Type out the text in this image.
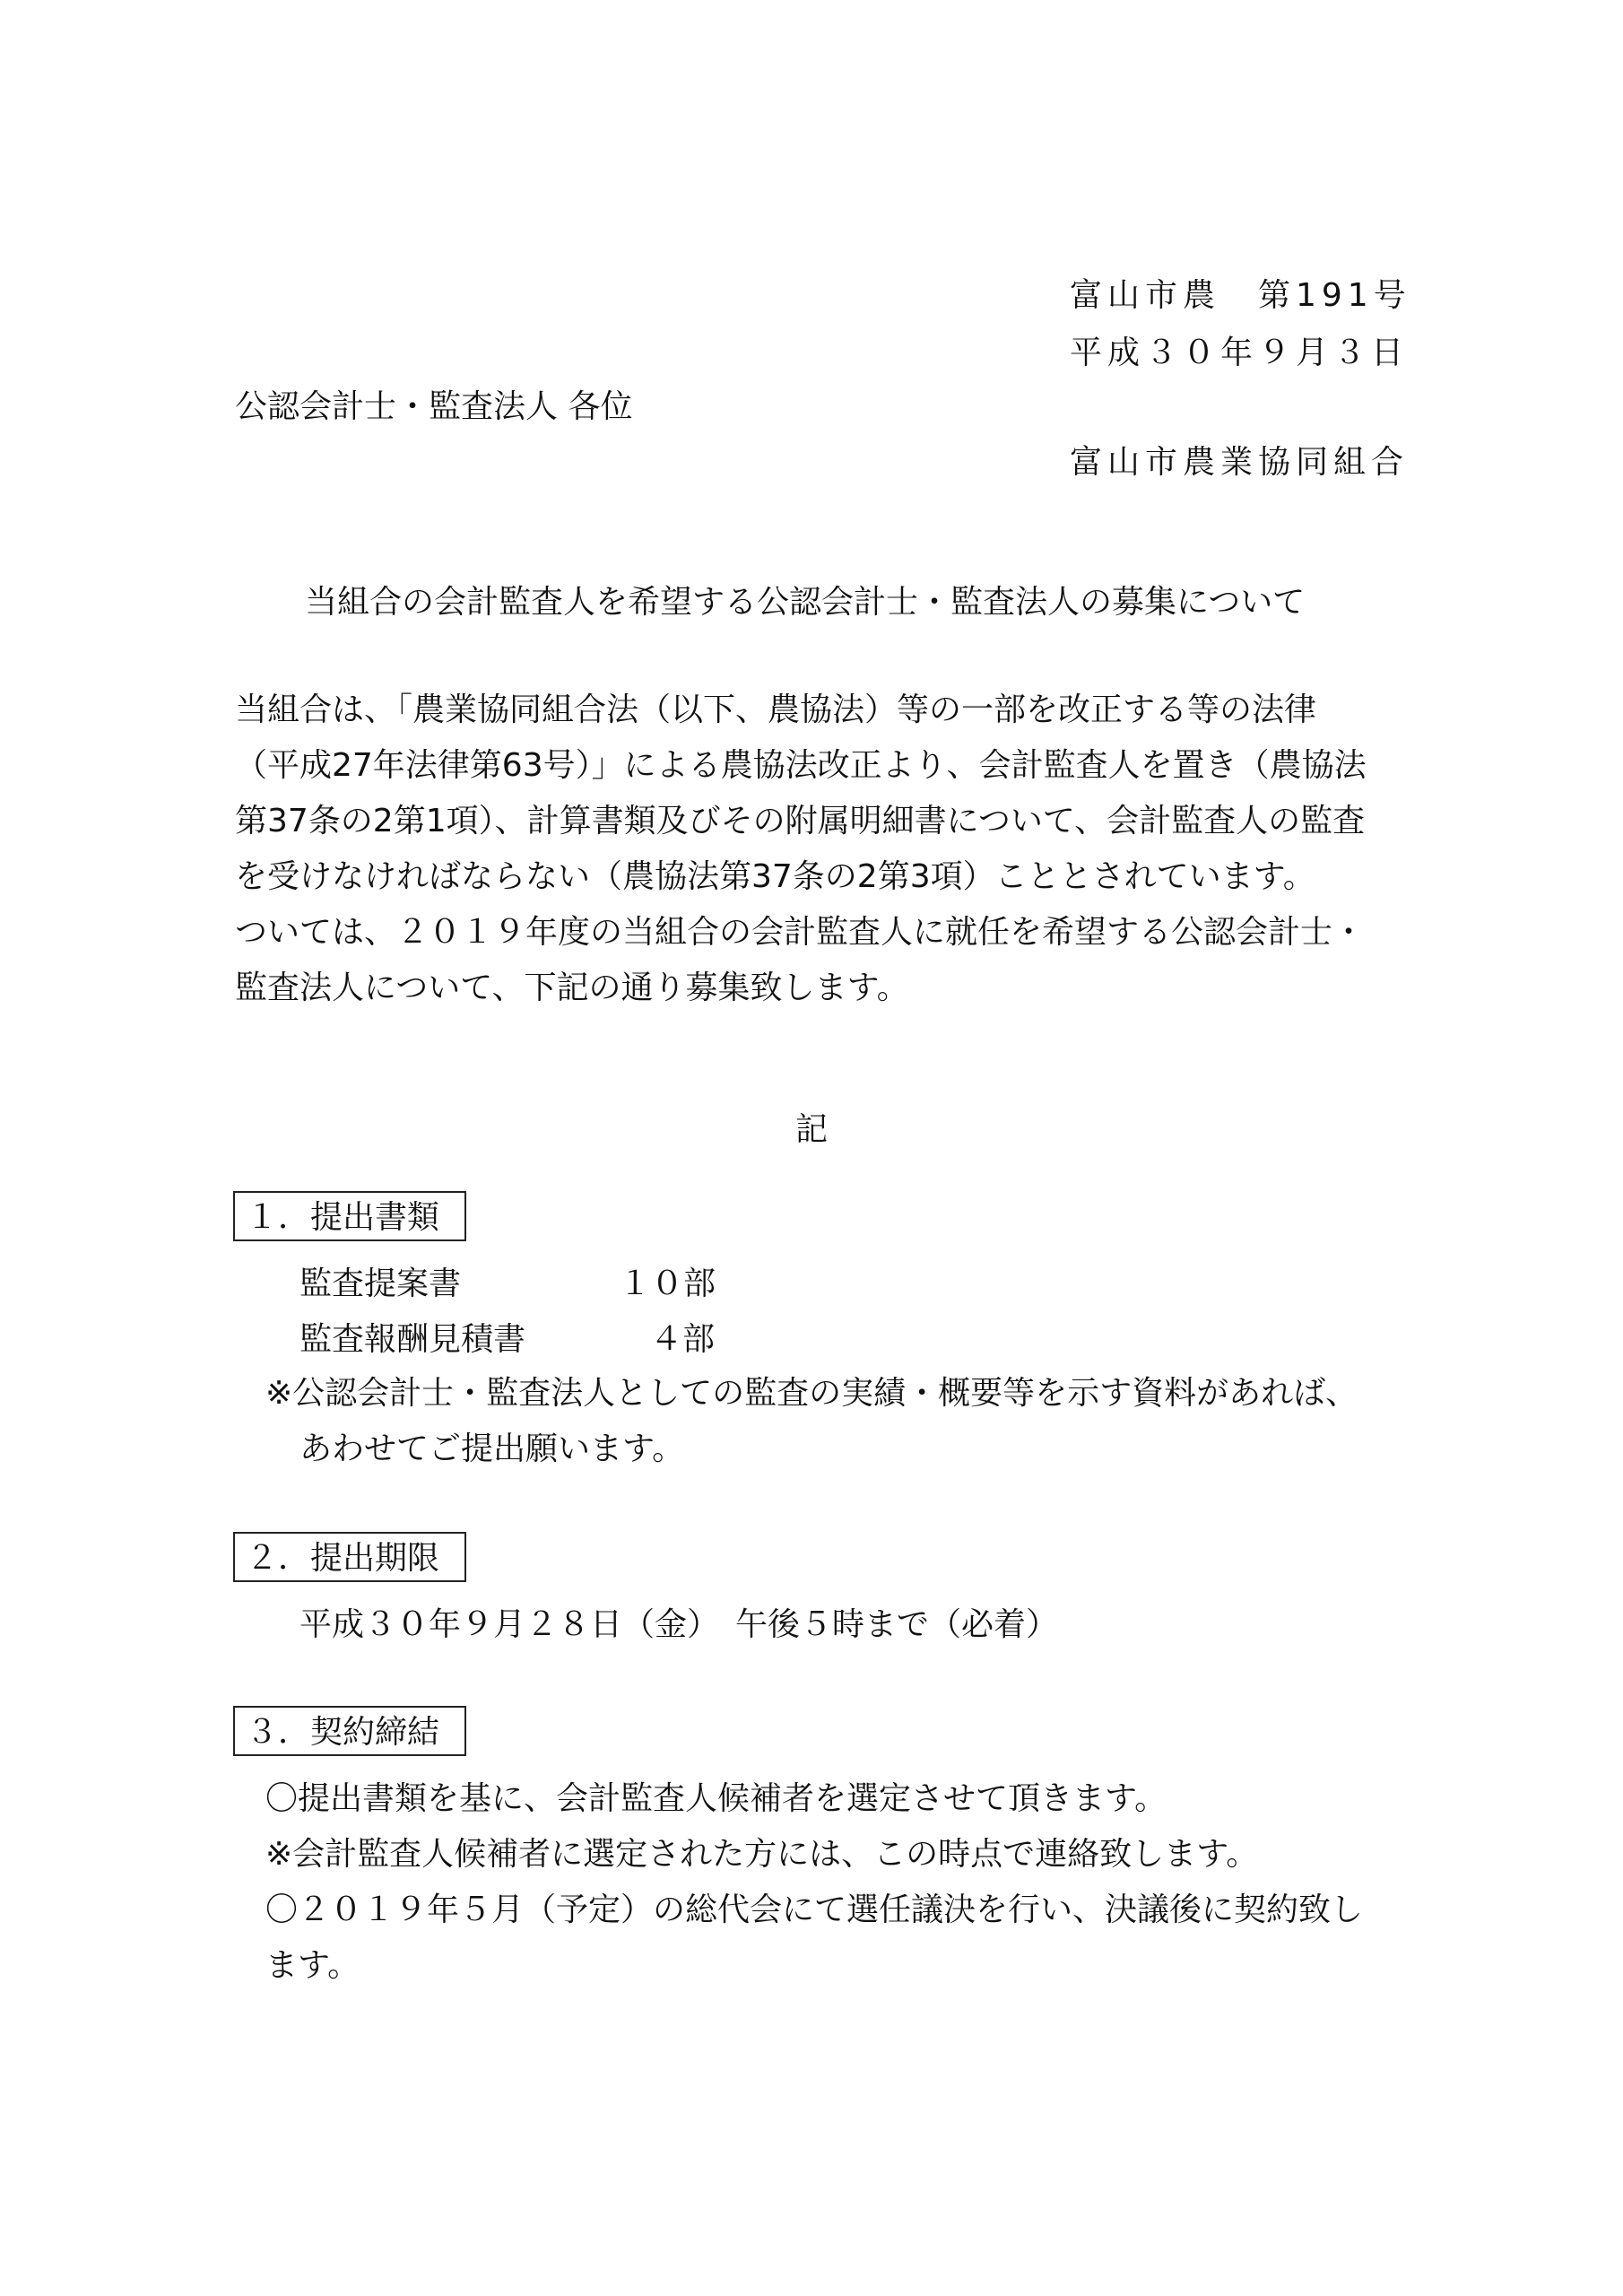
富山市農　第191号
平成３０年９月３日
公認会計士・監査法人 各位
富山市農業協同組合
当組合の会計監査人を希望する公認会計士・監査法人の募集について
当組合は、「農業協同組合法（以下、農協法）等の一部を改正する等の法律
（平成27年法律第63号）」による農協法改正より、会計監査人を置き（農協法
第37条の2第1項）、計算書類及びその附属明細書について、会計監査人の監査
を受けなければならない（農協法第37条の2第3項）こととされています。
ついては、２０１９年度の当組合の会計監査人に就任を希望する公認会計士・
監査法人について、下記の通り募集致します。
記
１．提出書類
監査提案書	１０部
監査報酬見積書	４部
※公認会計士・監査法人としての監査の実績・概要等を示す資料があれば、
あわせてご提出願います。
２．提出期限
平成３０年９月２８日（金）　午後５時まで（必着）
３．契約締結
〇提出書類を基に、会計監査人候補者を選定させて頂きます。
※会計監査人候補者に選定された方には、この時点で連絡致します。
〇２０１９年５月（予定）の総代会にて選任議決を行い、決議後に契約致し
ます。
